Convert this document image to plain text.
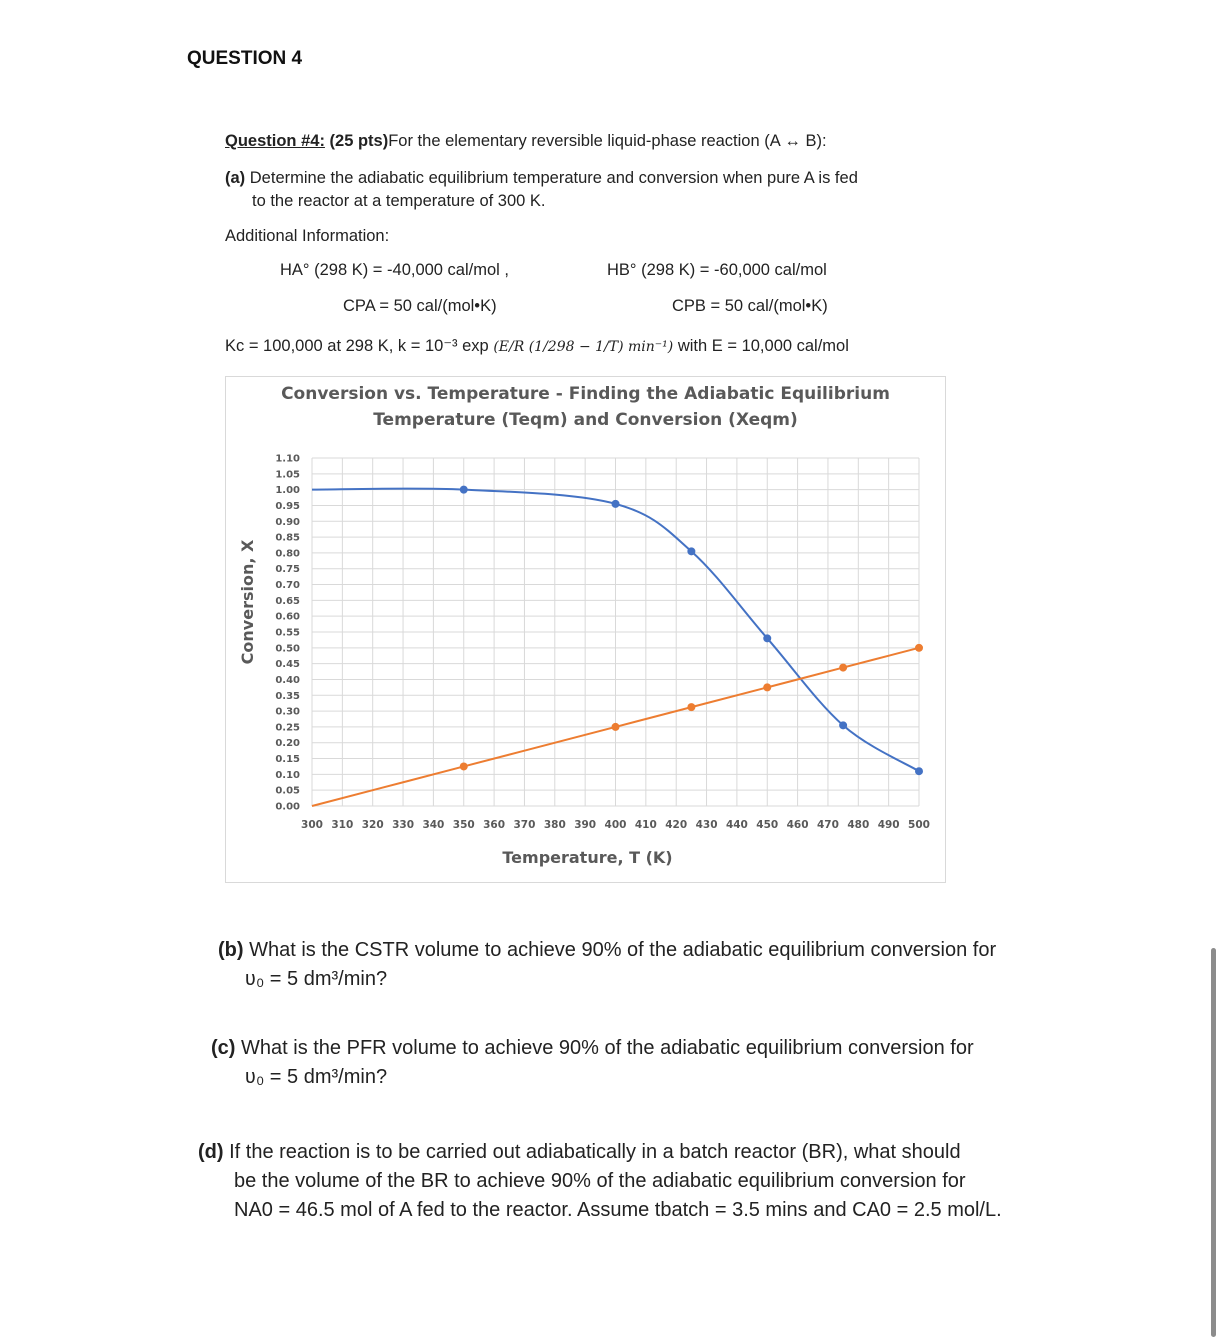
QUESTION 4
Question #4: (25 pts)For the elementary reversible liquid-phase reaction (A ↔ B):
(a) Determine the adiabatic equilibrium temperature and conversion when pure A is fed
to the reactor at a temperature of 300 K.
Additional Information:
HA° (298 K) = -40,000 cal/mol ,	HB° (298 K) = -60,000 cal/mol
CPA = 50 cal/(mol•K)	CPB = 50 cal/(mol•K)
Kc = 100,000 at 298 K, k = 10⁻³ exp (E/R (1/298 − 1/T) min⁻¹) with E = 10,000 cal/mol
Conversion vs. Temperature - Finding the Adiabatic Equilibrium
Temperature (Teqm) and Conversion (Xeqm)
300 310 320 330 340 350 360 370 380 390 400 410 420 430 440 450 460 470 480 490 500
0.00
0.05
0.10
0.15
0.20
0.25
0.30
0.35
0.40
0.45
0.50
0.55
0.60
0.65
0.70
0.75
0.80
0.85
0.90
0.95
1.00
1.05
1.10
Temperature, T (K)
Conversion, X
(b) What is the CSTR volume to achieve 90% of the adiabatic equilibrium conversion for
ʋ₀ = 5 dm³/min?
(c) What is the PFR volume to achieve 90% of the adiabatic equilibrium conversion for
ʋ₀ = 5 dm³/min?
(d) If the reaction is to be carried out adiabatically in a batch reactor (BR), what should
be the volume of the BR to achieve 90% of the adiabatic equilibrium conversion for
NA0 = 46.5 mol of A fed to the reactor. Assume tbatch = 3.5 mins and CA0 = 2.5 mol/L.
